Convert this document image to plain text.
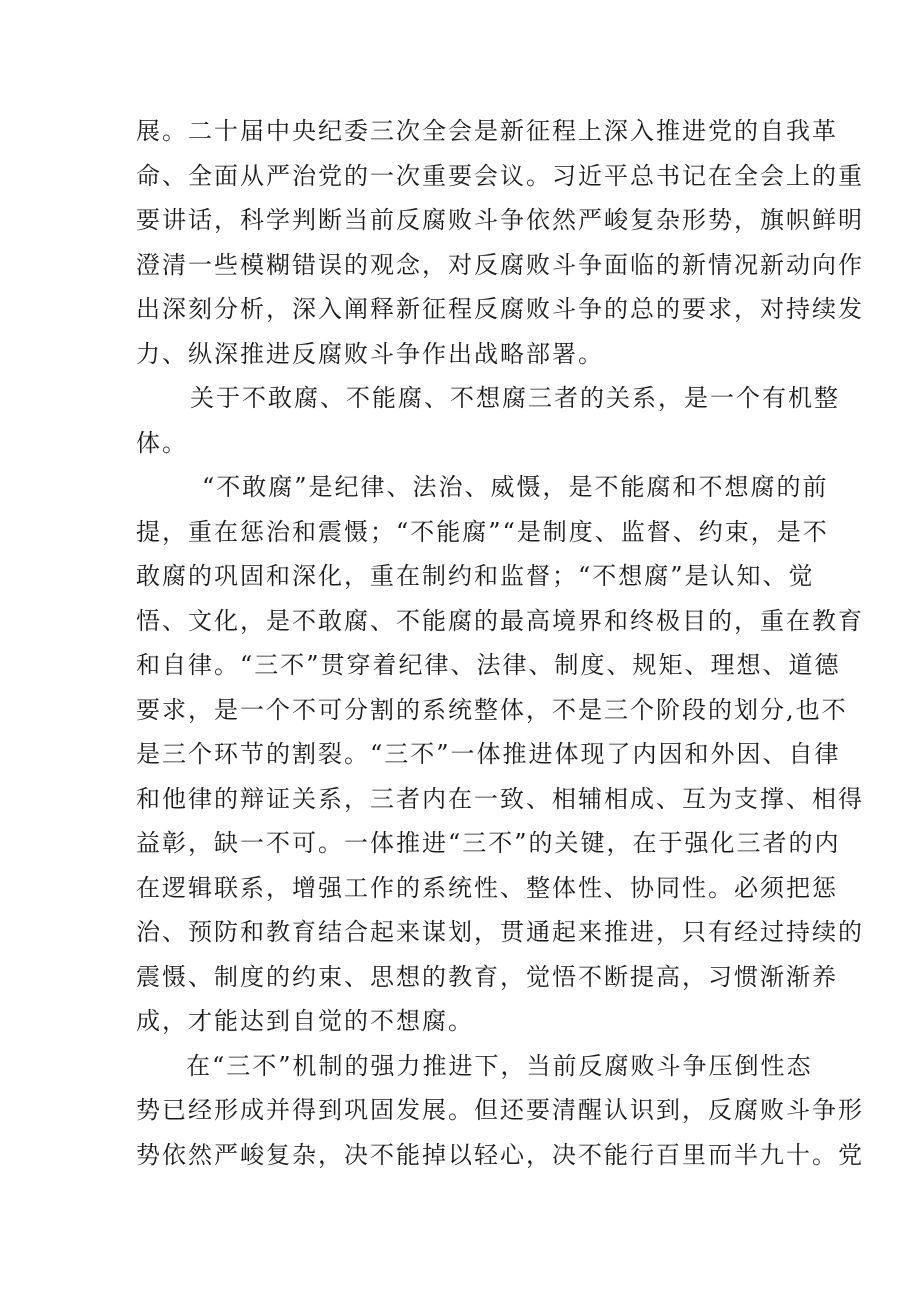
展。二十届中央纪委三次全会是新征程上深入推进党的自我革
命、全面从严治党的一次重要会议。习近平总书记在全会上的重
要讲话，科学判断当前反腐败斗争依然严峻复杂形势，旗帜鲜明
澄清一些模糊错误的观念，对反腐败斗争面临的新情况新动向作
出深刻分析，深入阐释新征程反腐败斗争的总的要求，对持续发
力、纵深推进反腐败斗争作出战略部署。
关于不敢腐、不能腐、不想腐三者的关系，是一个有机整
体。
“不敢腐”是纪律、法治、威慑，是不能腐和不想腐的前
提，重在惩治和震慑；“不能腐”“是制度、监督、约束，是不
敢腐的巩固和深化，重在制约和监督；“不想腐”是认知、觉
悟、文化，是不敢腐、不能腐的最高境界和终极目的，重在教育
和自律。“三不”贯穿着纪律、法律、制度、规矩、理想、道德
要求，是一个不可分割的系统整体，不是三个阶段的划分,也不
是三个环节的割裂。“三不”一体推进体现了内因和外因、自律
和他律的辩证关系，三者内在一致、相辅相成、互为支撑、相得
益彰，缺一不可。一体推进“三不”的关键，在于强化三者的内
在逻辑联系，增强工作的系统性、整体性、协同性。必须把惩
治、预防和教育结合起来谋划，贯通起来推进，只有经过持续的
震慑、制度的约束、思想的教育，觉悟不断提高，习惯渐渐养
成，才能达到自觉的不想腐。
在“三不”机制的强力推进下，当前反腐败斗争压倒性态
势已经形成并得到巩固发展。但还要清醒认识到，反腐败斗争形
势依然严峻复杂，决不能掉以轻心，决不能行百里而半九十。党
